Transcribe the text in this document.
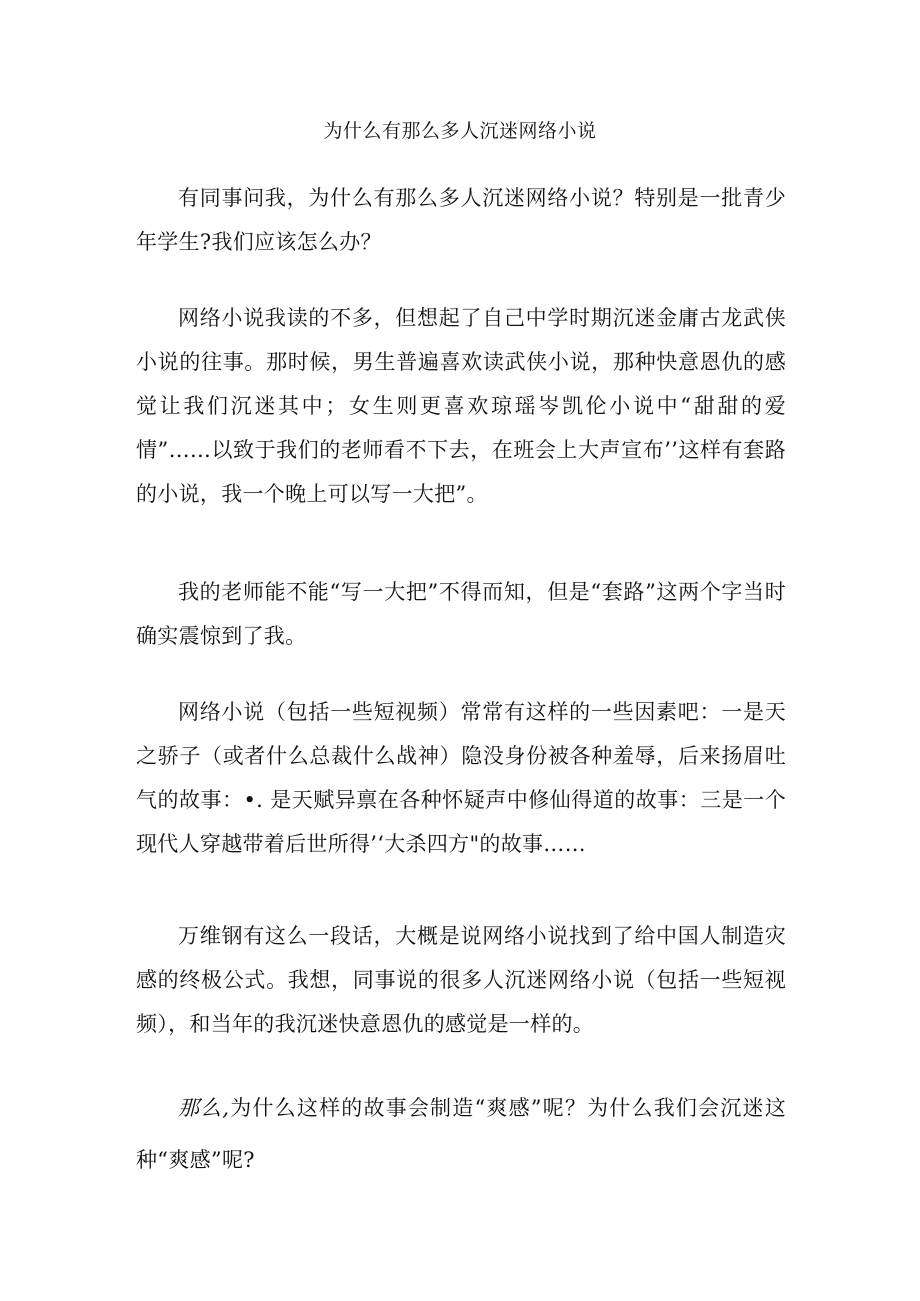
为什么有那么多人沉迷网络小说

有同事问我，为什么有那么多人沉迷网络小说？特别是一批青少年学生?我们应该怎么办？

网络小说我读的不多，但想起了自己中学时期沉迷金庸古龙武侠小说的往事。那时候，男生普遍喜欢读武侠小说，那种快意恩仇的感觉让我们沉迷其中；女生则更喜欢琼瑶岑凯伦小说中“甜甜的爱情”……以致于我们的老师看不下去，在班会上大声宣布’’这样有套路的小说，我一个晚上可以写一大把”。

我的老师能不能“写一大把”不得而知，但是“套路”这两个字当时确实震惊到了我。

网络小说（包括一些短视频）常常有这样的一些因素吧：一是天之骄子（或者什么总裁什么战神）隐没身份被各种羞辱，后来扬眉吐气的故事：•. 是天赋异禀在各种怀疑声中修仙得道的故事：三是一个现代人穿越带着后世所得’‘大杀四方"的故事……

万维钢有这么一段话，大概是说网络小说找到了给中国人制造灾感的终极公式。我想，同事说的很多人沉迷网络小说（包括一些短视频），和当年的我沉迷快意恩仇的感觉是一样的。

那么,为什么这样的故事会制造“爽感”呢？为什么我们会沉迷这种“爽感”呢?
